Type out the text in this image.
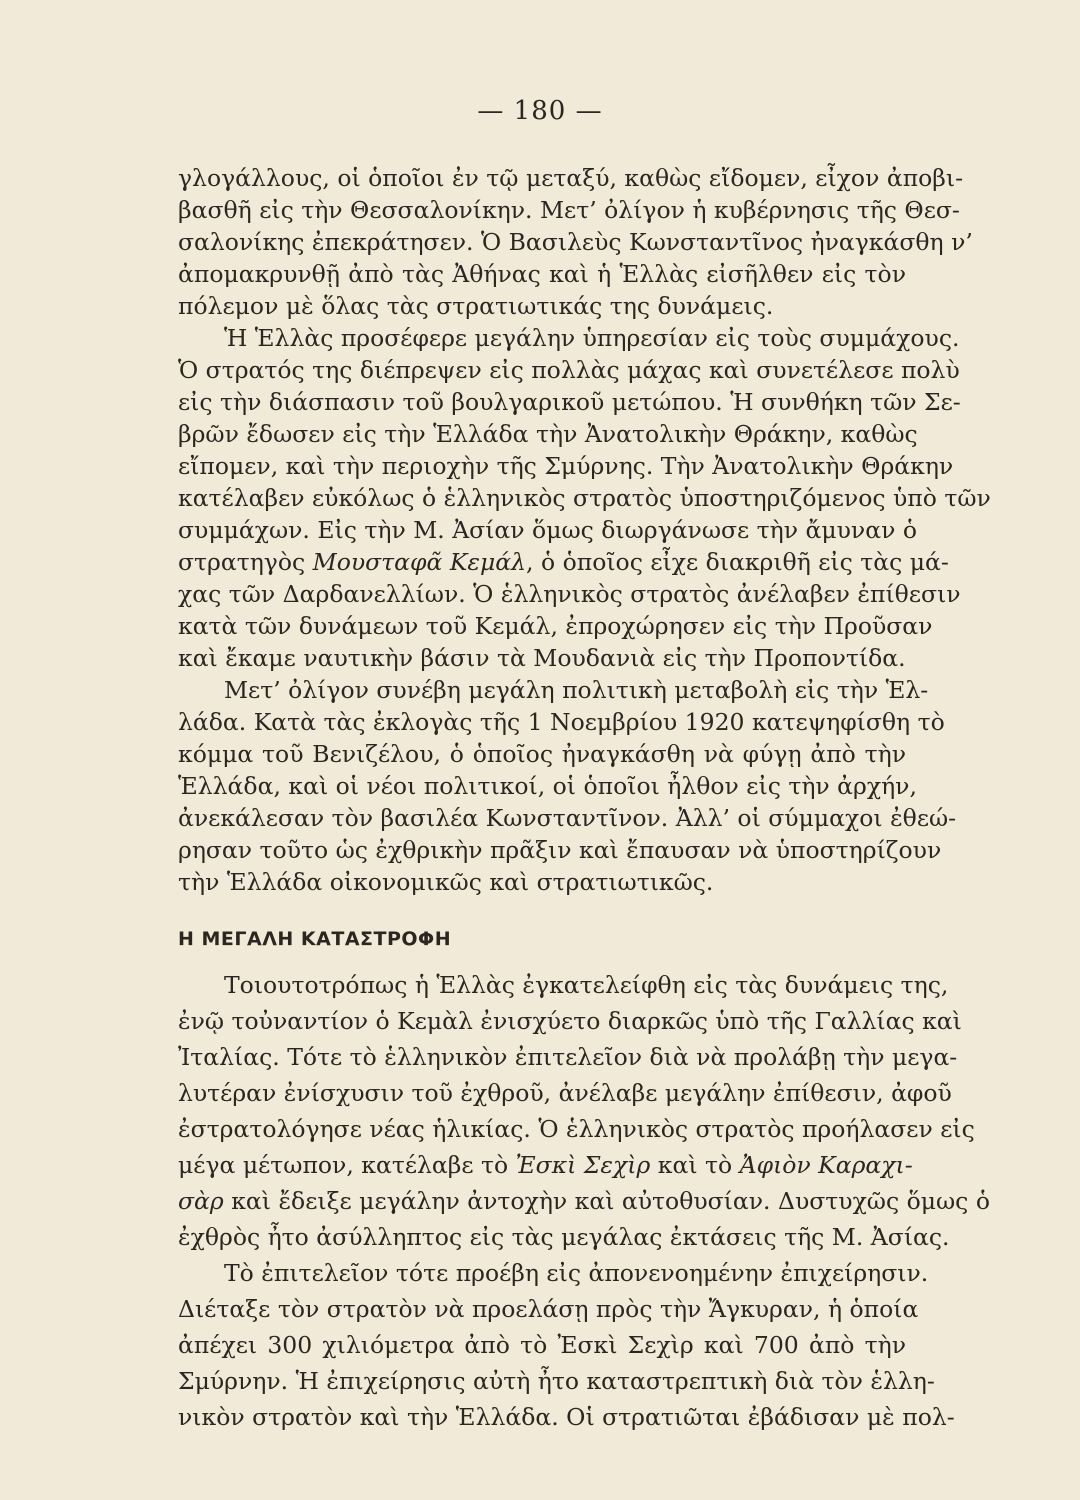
— 180 —
γλογάλλους, οἱ ὁποῖοι ἐν τῷ μεταξύ, καθὼς εἴδομεν, εἶχον ἀποβι-
βασθῆ εἰς τὴν Θεσσαλονίκην. Μετ’ ὀλίγον ἡ κυβέρνησις τῆς Θεσ-
σαλονίκης ἐπεκράτησεν. Ὁ Βασιλεὺς Κωνσταντῖνος ἠναγκάσθη ν’
ἀπομακρυνθῇ ἀπὸ τὰς Ἀθήνας καὶ ἡ Ἑλλὰς εἰσῆλθεν εἰς τὸν
πόλεμον μὲ ὅλας τὰς στρατιωτικάς της δυνάμεις.
Ἡ Ἑλλὰς προσέφερε μεγάλην ὑπηρεσίαν εἰς τοὺς συμμάχους.
Ὁ στρατός της διέπρεψεν εἰς πολλὰς μάχας καὶ συνετέλεσε πολὺ
εἰς τὴν διάσπασιν τοῦ βουλγαρικοῦ μετώπου. Ἡ συνθήκη τῶν Σε-
βρῶν ἔδωσεν εἰς τὴν Ἑλλάδα τὴν Ἀνατολικὴν Θράκην, καθὼς
εἴπομεν, καὶ τὴν περιοχὴν τῆς Σμύρνης. Τὴν Ἀνατολικὴν Θράκην
κατέλαβεν εὐκόλως ὁ ἑλληνικὸς στρατὸς ὑποστηριζόμενος ὑπὸ τῶν
συμμάχων. Εἰς τὴν Μ. Ἀσίαν ὅμως διωργάνωσε τὴν ἄμυναν ὁ
στρατηγὸς Μουσταφᾶ Κεμάλ, ὁ ὁποῖος εἶχε διακριθῆ εἰς τὰς μά-
χας τῶν Δαρδανελλίων. Ὁ ἑλληνικὸς στρατὸς ἀνέλαβεν ἐπίθεσιν
κατὰ τῶν δυνάμεων τοῦ Κεμάλ, ἐπροχώρησεν εἰς τὴν Προῦσαν
καὶ ἔκαμε ναυτικὴν βάσιν τὰ Μουδανιὰ εἰς τὴν Προποντίδα.
Μετ’ ὀλίγον συνέβη μεγάλη πολιτικὴ μεταβολὴ εἰς τὴν Ἑλ-
λάδα. Κατὰ τὰς ἐκλογὰς τῆς 1 Νοεμβρίου 1920 κατεψηφίσθη τὸ
κόμμα τοῦ Βενιζέλου, ὁ ὁποῖος ἠναγκάσθη νὰ φύγῃ ἀπὸ τὴν
Ἑλλάδα, καὶ οἱ νέοι πολιτικοί, οἱ ὁποῖοι ἦλθον εἰς τὴν ἀρχήν,
ἀνεκάλεσαν τὸν βασιλέα Κωνσταντῖνον. Ἀλλ’ οἱ σύμμαχοι ἐθεώ-
ρησαν τοῦτο ὡς ἐχθρικὴν πρᾶξιν καὶ ἔπαυσαν νὰ ὑποστηρίζουν
τὴν Ἑλλάδα οἰκονομικῶς καὶ στρατιωτικῶς.
Τοιουτοτρόπως ἡ Ἑλλὰς ἐγκατελείφθη εἰς τὰς δυνάμεις της,
ἐνῷ τοὐναντίον ὁ Κεμὰλ ἐνισχύετο διαρκῶς ὑπὸ τῆς Γαλλίας καὶ
Ἰταλίας. Τότε τὸ ἑλληνικὸν ἐπιτελεῖον διὰ νὰ προλάβῃ τὴν μεγα-
λυτέραν ἐνίσχυσιν τοῦ ἐχθροῦ, ἀνέλαβε μεγάλην ἐπίθεσιν, ἀφοῦ
ἐστρατολόγησε νέας ἡλικίας. Ὁ ἑλληνικὸς στρατὸς προήλασεν εἰς
μέγα μέτωπον, κατέλαβε τὸ Ἐσκὶ Σεχὶρ καὶ τὸ Ἀφιὸν Καραχι-
σὰρ καὶ ἔδειξε μεγάλην ἀντοχὴν καὶ αὐτοθυσίαν. Δυστυχῶς ὅμως ὁ
ἐχθρὸς ἦτο ἀσύλληπτος εἰς τὰς μεγάλας ἐκτάσεις τῆς Μ. Ἀσίας.
Τὸ ἐπιτελεῖον τότε προέβη εἰς ἀπονενοημένην ἐπιχείρησιν.
Διέταξε τὸν στρατὸν νὰ προελάσῃ πρὸς τὴν Ἄγκυραν, ἡ ὁποία
ἀπέχει 300 χιλιόμετρα ἀπὸ τὸ Ἐσκὶ Σεχὶρ καὶ 700 ἀπὸ τὴν
Σμύρνην. Ἡ ἐπιχείρησις αὐτὴ ἦτο καταστρεπτικὴ διὰ τὸν ἑλλη-
νικὸν στρατὸν καὶ τὴν Ἑλλάδα. Οἱ στρατιῶται ἐβάδισαν μὲ πολ-
Η ΜΕΓΑΛΗ ΚΑΤΑΣΤΡΟΦΗ
